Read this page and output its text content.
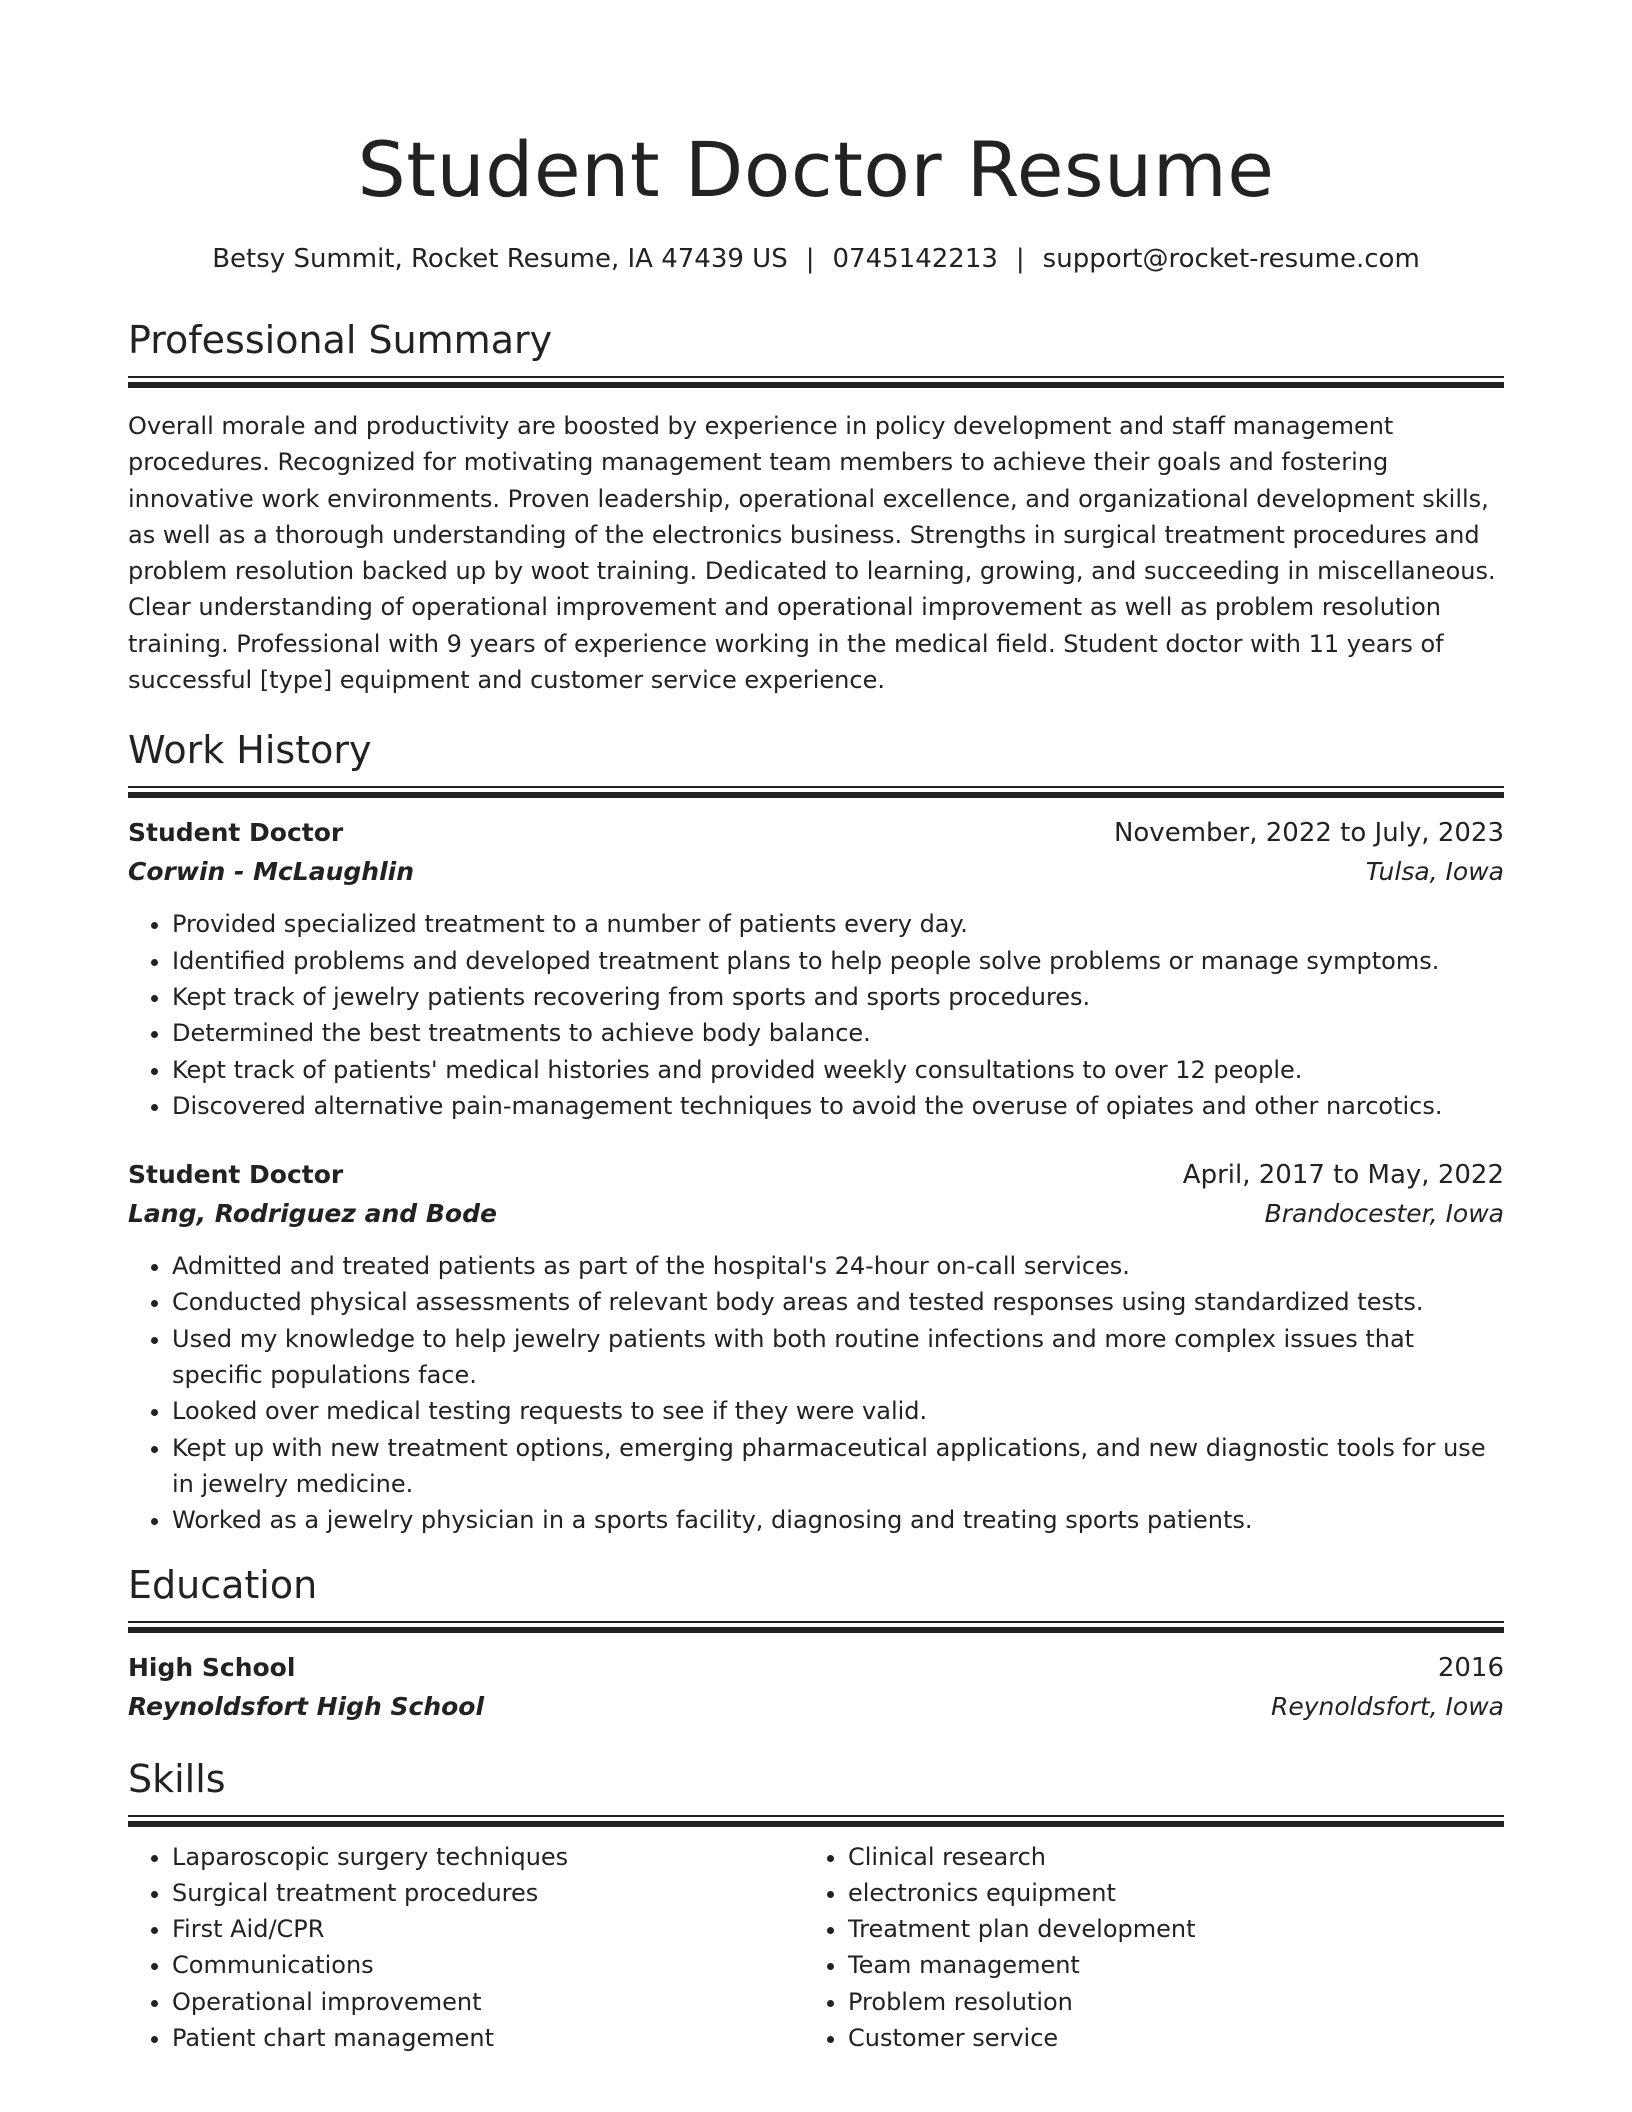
Student Doctor Resume
Betsy Summit, Rocket Resume, IA 47439 US | 0745142213 | support@rocket-resume.com
Professional Summary

Overall morale and productivity are boosted by experience in policy development and staff management procedures. Recognized for motivating management team members to achieve their goals and fostering innovative work environments. Proven leadership, operational excellence, and organizational development skills, as well as a thorough understanding of the electronics business. Strengths in surgical treatment procedures and problem resolution backed up by woot training. Dedicated to learning, growing, and succeeding in miscellaneous. Clear understanding of operational improvement and operational improvement as well as problem resolution training. Professional with 9 years of experience working in the medical field. Student doctor with 11 years of successful [type] equipment and customer service experience.

Work History
Student Doctor	November, 2022 to July, 2023
Corwin - McLaughlin	Tulsa, Iowa
• Provided specialized treatment to a number of patients every day.
• Identified problems and developed treatment plans to help people solve problems or manage symptoms.
• Kept track of jewelry patients recovering from sports and sports procedures.
• Determined the best treatments to achieve body balance.
• Kept track of patients' medical histories and provided weekly consultations to over 12 people.
• Discovered alternative pain-management techniques to avoid the overuse of opiates and other narcotics.
Student Doctor	April, 2017 to May, 2022
Lang, Rodriguez and Bode	Brandocester, Iowa
• Admitted and treated patients as part of the hospital's 24-hour on-call services.
• Conducted physical assessments of relevant body areas and tested responses using standardized tests.
• Used my knowledge to help jewelry patients with both routine infections and more complex issues that specific populations face.
• Looked over medical testing requests to see if they were valid.
• Kept up with new treatment options, emerging pharmaceutical applications, and new diagnostic tools for use in jewelry medicine.
• Worked as a jewelry physician in a sports facility, diagnosing and treating sports patients.
Education
High School	2016
Reynoldsfort High School	Reynoldsfort, Iowa
Skills
• Laparoscopic surgery techniques
• Surgical treatment procedures
• First Aid/CPR
• Communications
• Operational improvement
• Patient chart management
• Clinical research
• electronics equipment
• Treatment plan development
• Team management
• Problem resolution
• Customer service
